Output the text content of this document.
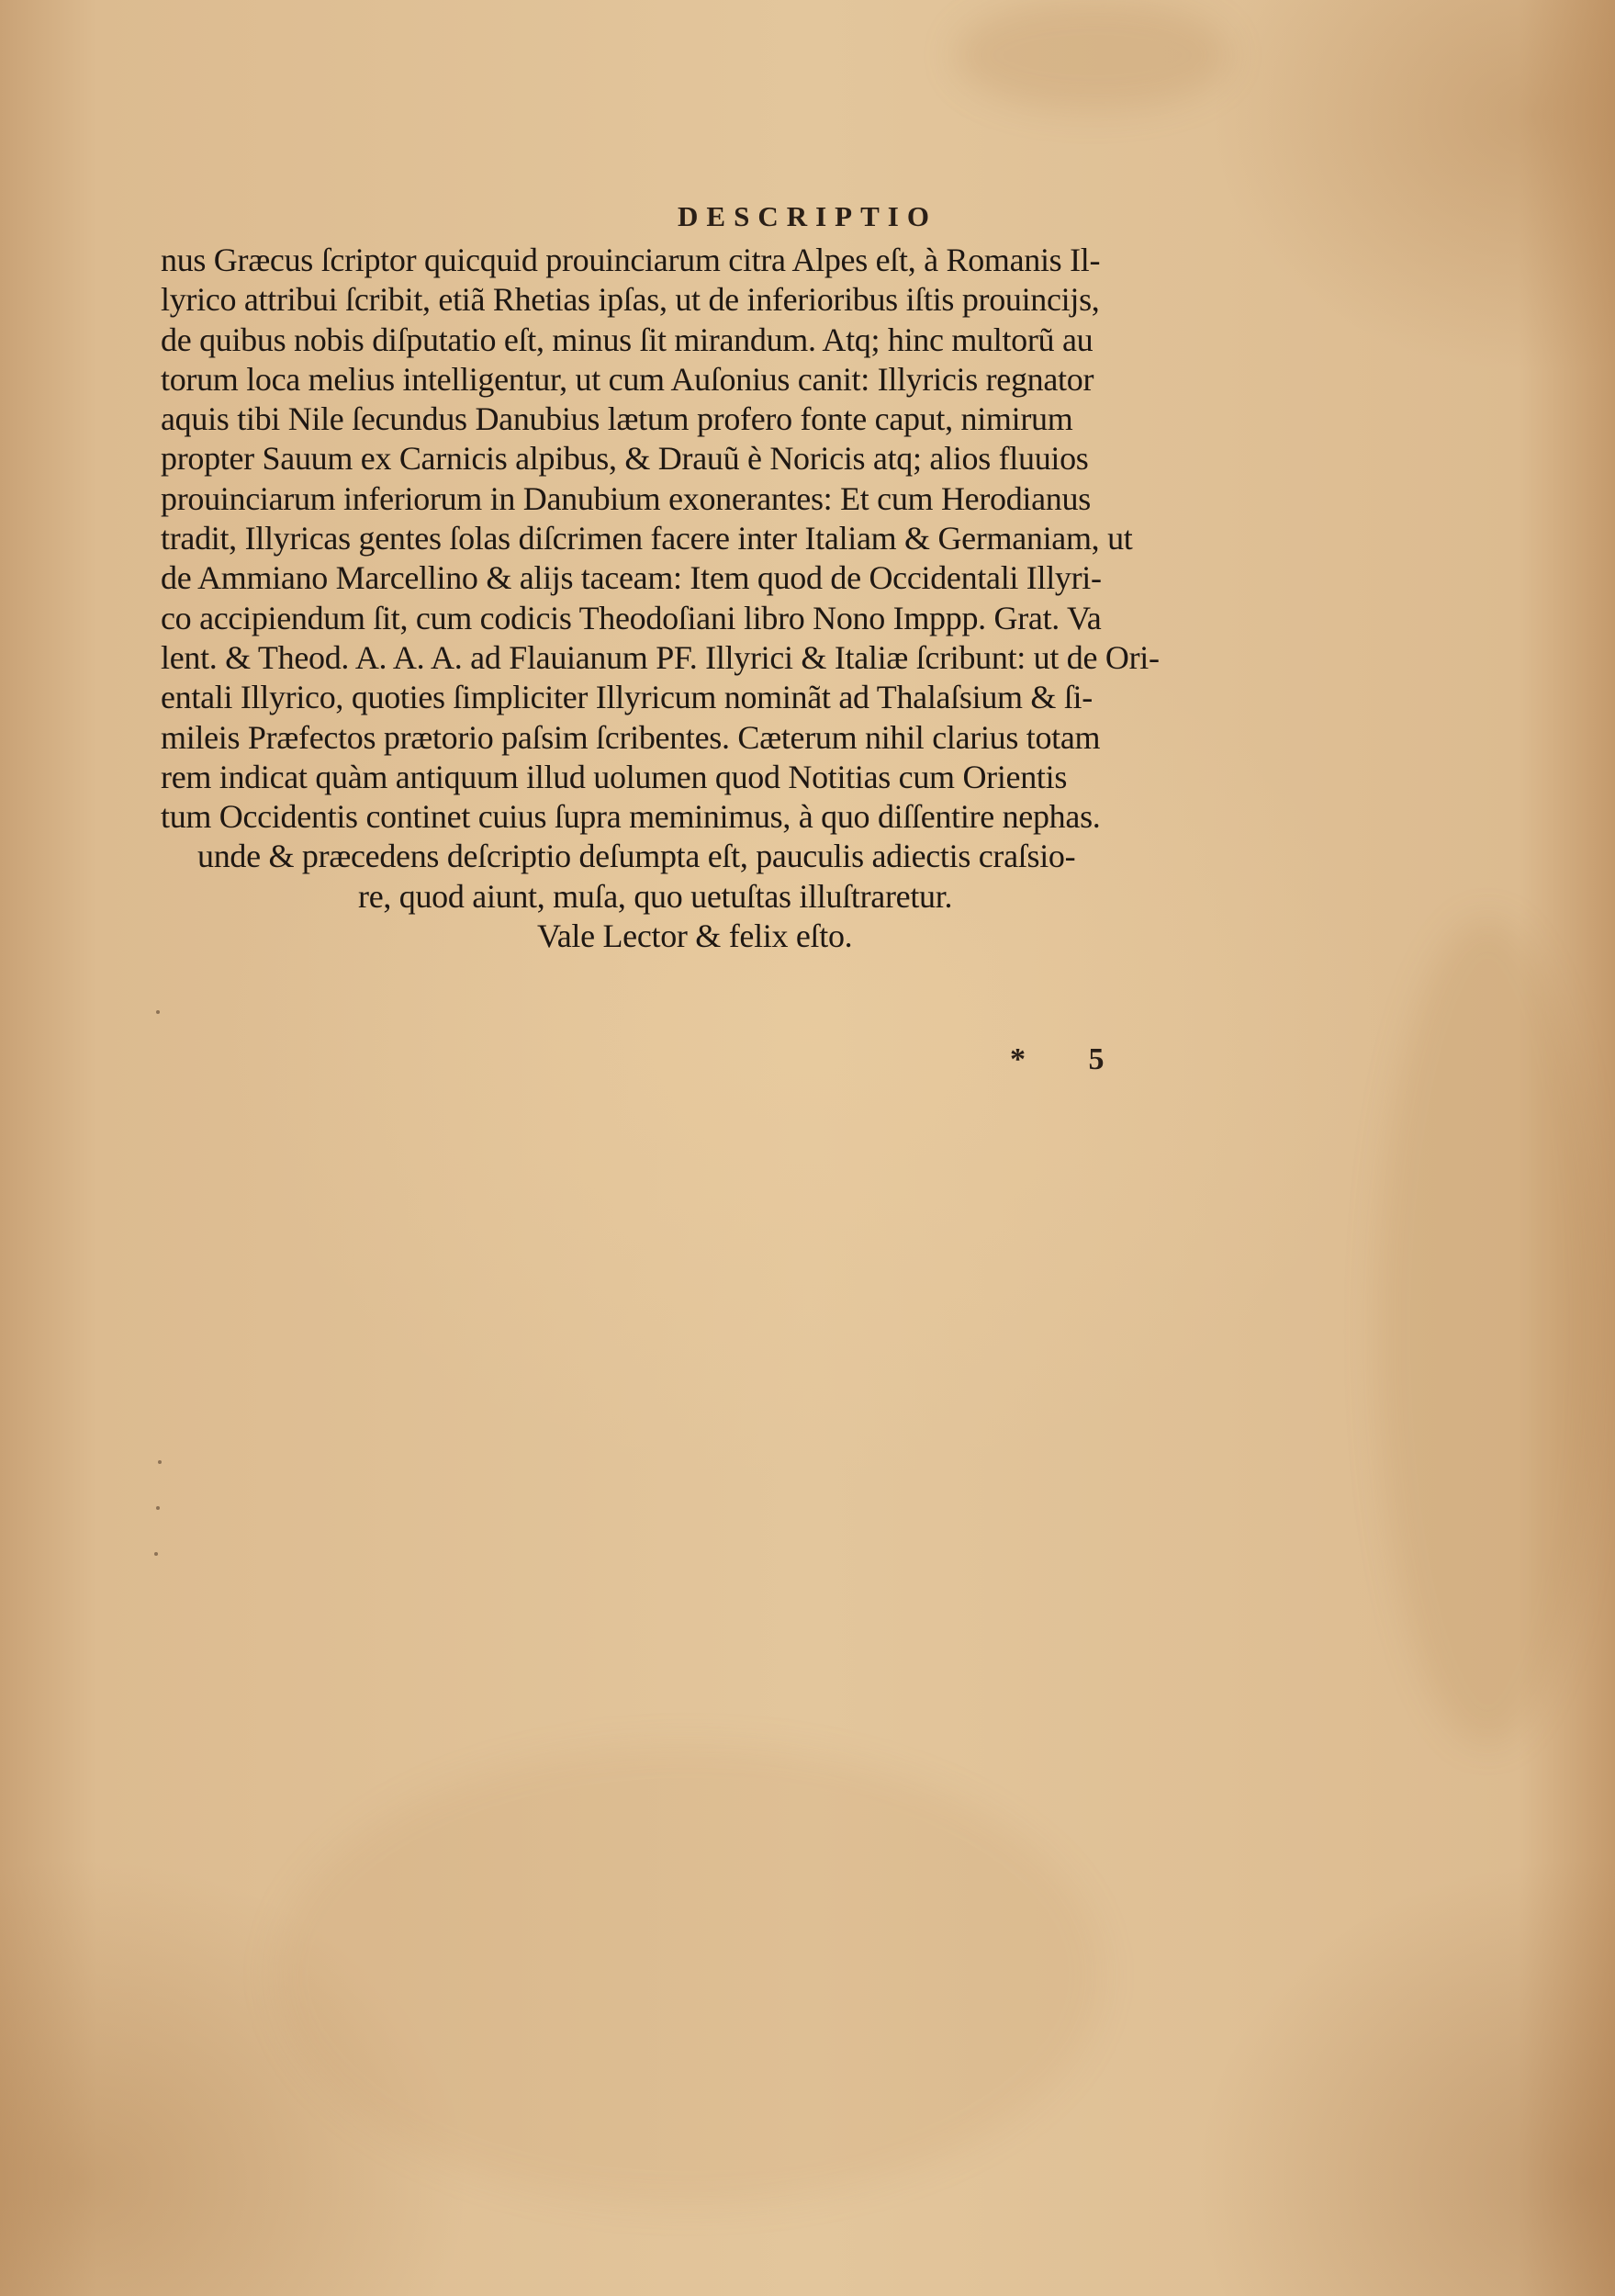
DESCRIPTIO
nus Græcus ſcriptor quicquid prouinciarum citra Alpes eſt, à Romanis Il-
lyrico attribui ſcribit, etiã Rhetias ipſas, ut de inferioribus iſtis prouincijs,
de quibus nobis diſputatio eſt, minus ſit mirandum. Atq; hinc multorũ au
torum loca melius intelligentur, ut cum Auſonius canit: Illyricis regnator
aquis tibi Nile ſecundus Danubius lætum profero fonte caput, nimirum
propter Sauum ex Carnicis alpibus, & Drauũ è Noricis atq; alios fluuios
prouinciarum inferiorum in Danubium exonerantes: Et cum Herodianus
tradit, Illyricas gentes ſolas diſcrimen facere inter Italiam & Germaniam, ut
de Ammiano Marcellino & alijs taceam: Item quod de Occidentali Illyri-
co accipiendum ſit, cum codicis Theodoſiani libro Nono Imppp. Grat. Va
lent. & Theod. A. A. A. ad Flauianum PF. Illyrici & Italiæ ſcribunt: ut de Ori-
entali Illyrico, quoties ſimpliciter Illyricum nominãt ad Thalaſsium & ſi-
mileis Præfectos prætorio paſsim ſcribentes. Cæterum nihil clarius totam
rem indicat quàm antiquum illud uolumen quod Notitias cum Orientis
tum Occidentis continet cuius ſupra meminimus, à quo diſſentire nephas.
unde & præcedens deſcriptio deſumpta eſt, pauculis adiectis craſsio-
re, quod aiunt, muſa, quo uetuſtas illuſtraretur.
Vale Lector & felix eſto.
* 5
